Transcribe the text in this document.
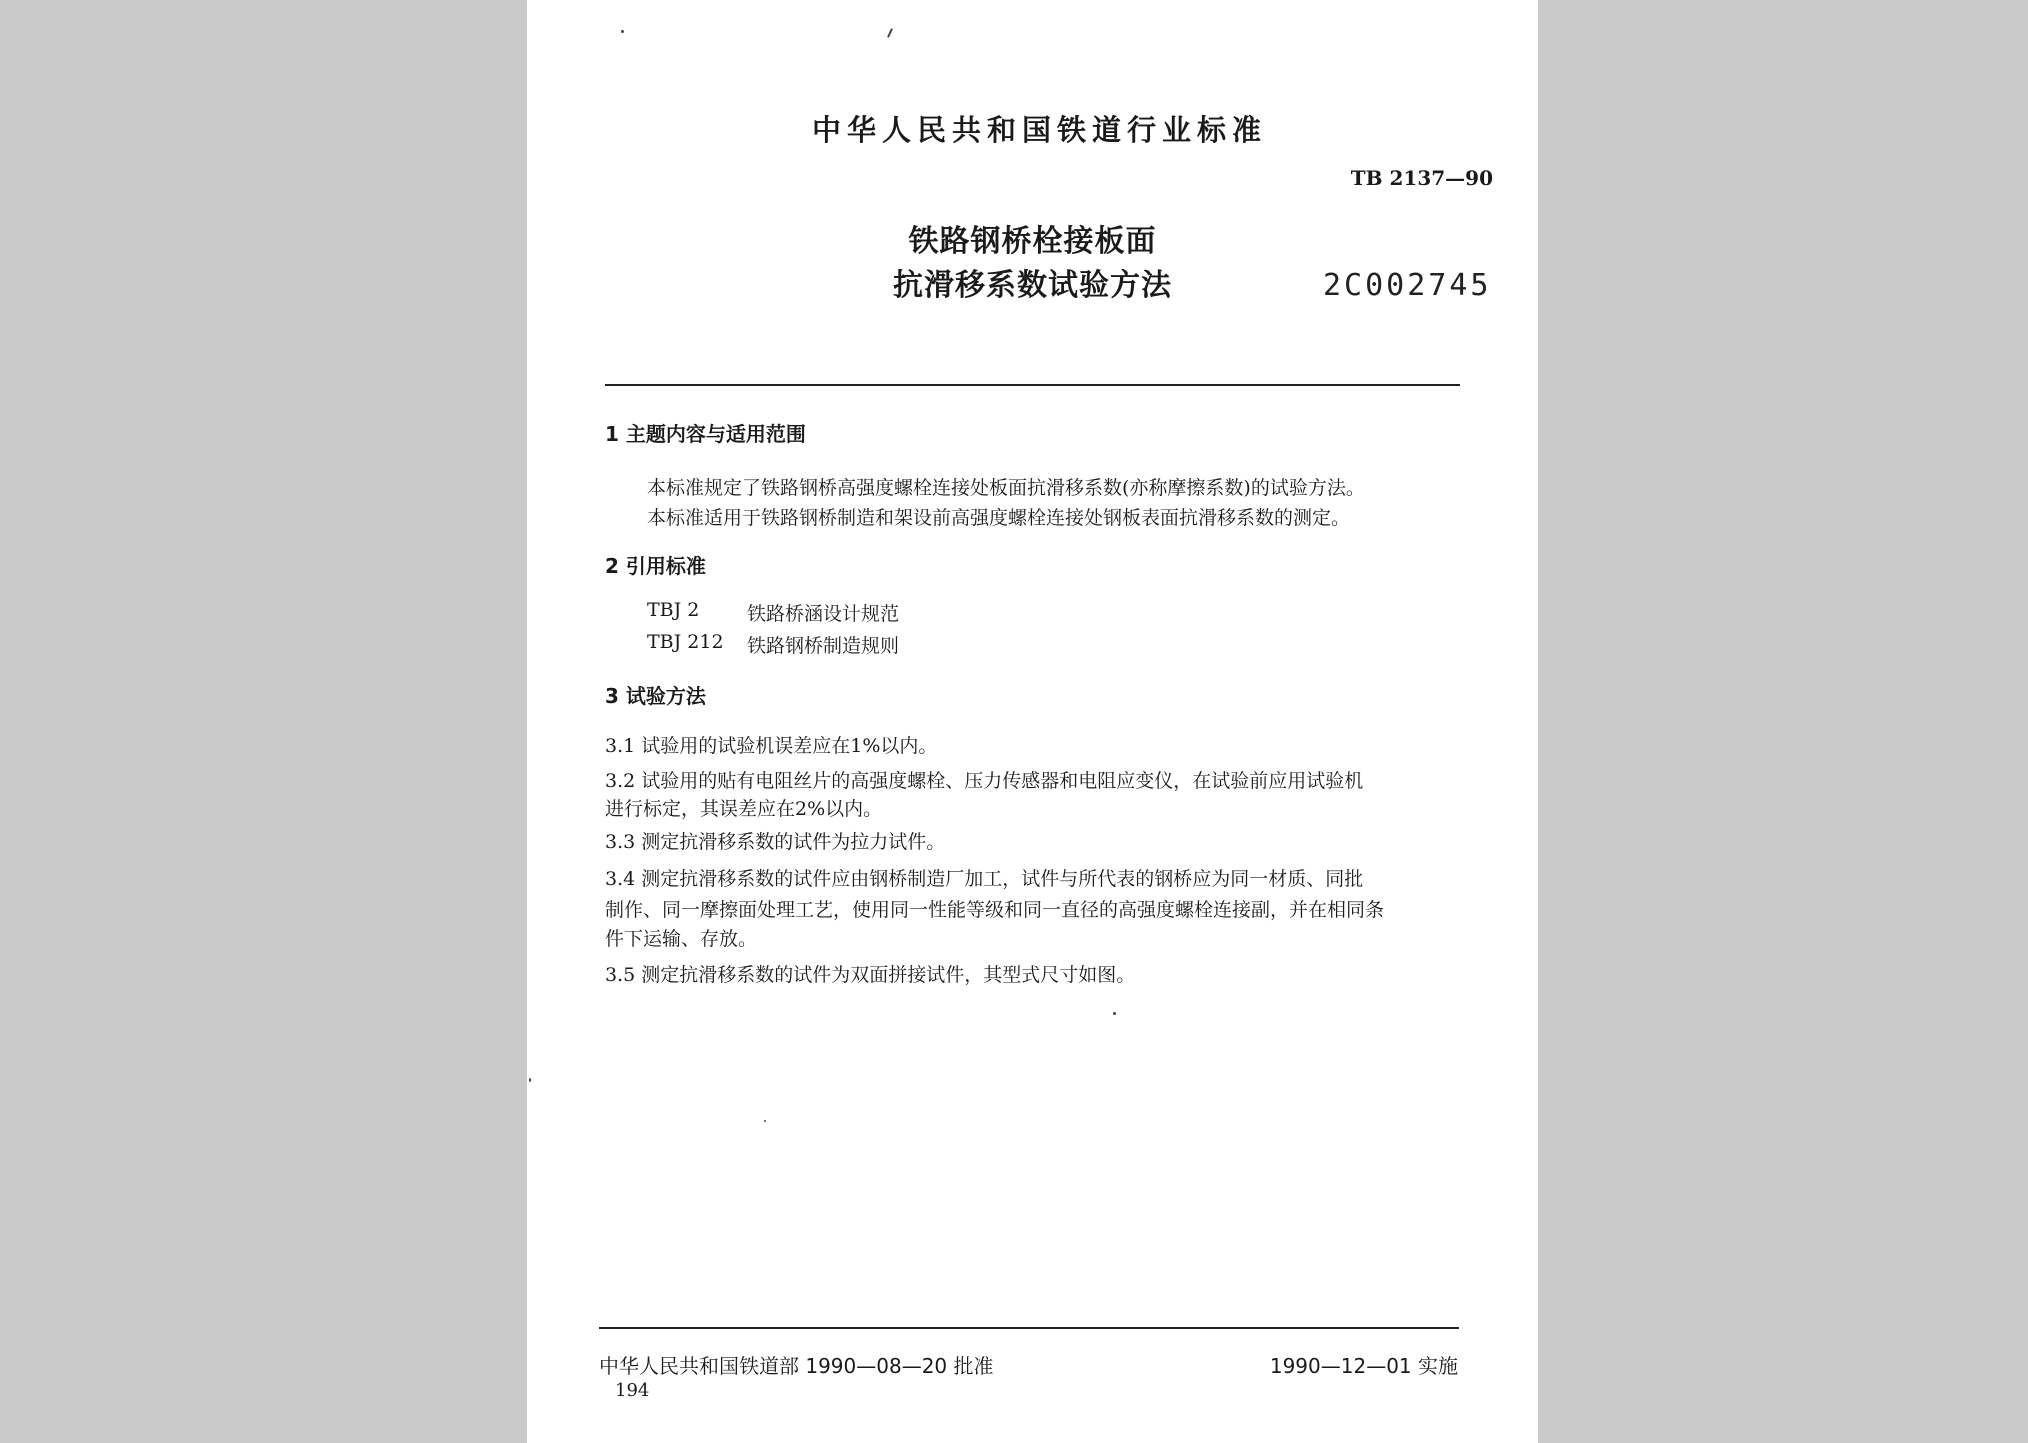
中华人民共和国铁道行业标准
TB 2137—90
铁路钢桥栓接板面
抗滑移系数试验方法	2C002745
1 主题内容与适用范围
本标准规定了铁路钢桥高强度螺栓连接处板面抗滑移系数(亦称摩擦系数)的试验方法。
本标准适用于铁路钢桥制造和架设前高强度螺栓连接处钢板表面抗滑移系数的测定。
2 引用标准
TBJ 2	铁路桥涵设计规范
TBJ 212 铁路钢桥制造规则
3 试验方法
3.1 试验用的试验机误差应在1%以内。
3.2 试验用的贴有电阻丝片的高强度螺栓、压力传感器和电阻应变仪，在试验前应用试验机
进行标定，其误差应在2%以内。
3.3 测定抗滑移系数的试件为拉力试件。
3.4 测定抗滑移系数的试件应由钢桥制造厂加工，试件与所代表的钢桥应为同一材质、同批
制作、同一摩擦面处理工艺，使用同一性能等级和同一直径的高强度螺栓连接副，并在相同条
件下运输、存放。
3.5 测定抗滑移系数的试件为双面拼接试件，其型式尺寸如图。
中华人民共和国铁道部 1990—08—20 批准	1990—12—01 实施
194
